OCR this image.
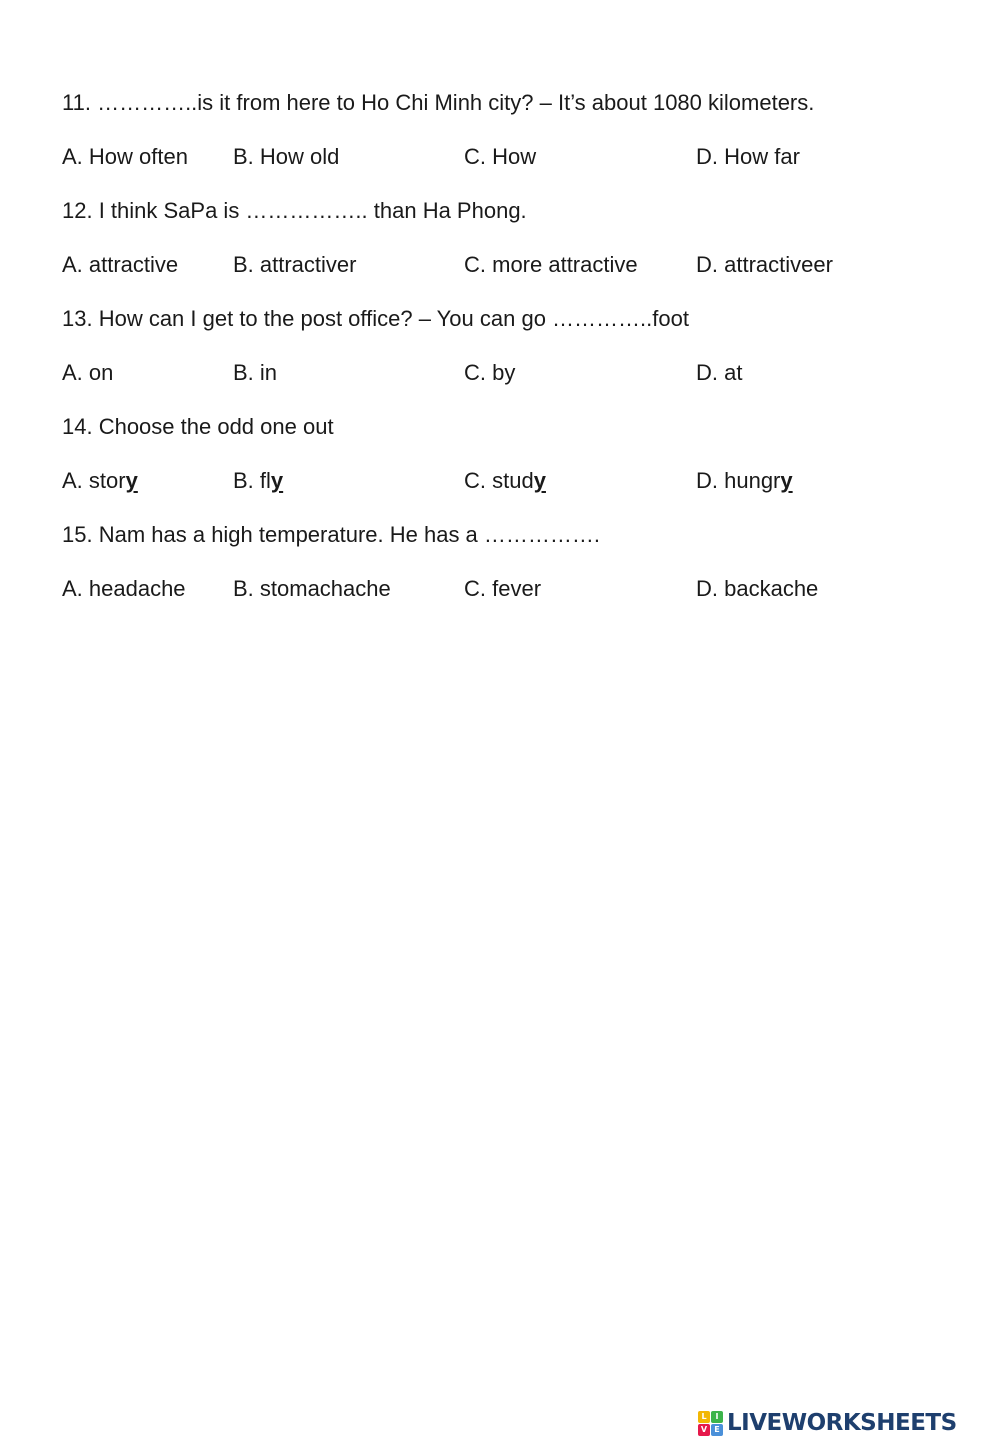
11. …………..is it from here to Ho Chi Minh city? – It’s about 1080 kilometers.
A. How often B. How old	C. How	D. How far
12. I think SaPa is …………….. than Ha Phong.
A. attractive B. attractiver	C. more attractive	D. attractiveer
13. How can I get to the post office? – You can go …………..foot
A. on	B. in	C. by	D. at
14. Choose the odd one out
A. story	B. fly	C. study	D. hungry
15. Nam has a high temperature. He has a …………….
A. headache B. stomachache	C. fever	D. backache
L	I
V E LIVEWORKSHEETS
